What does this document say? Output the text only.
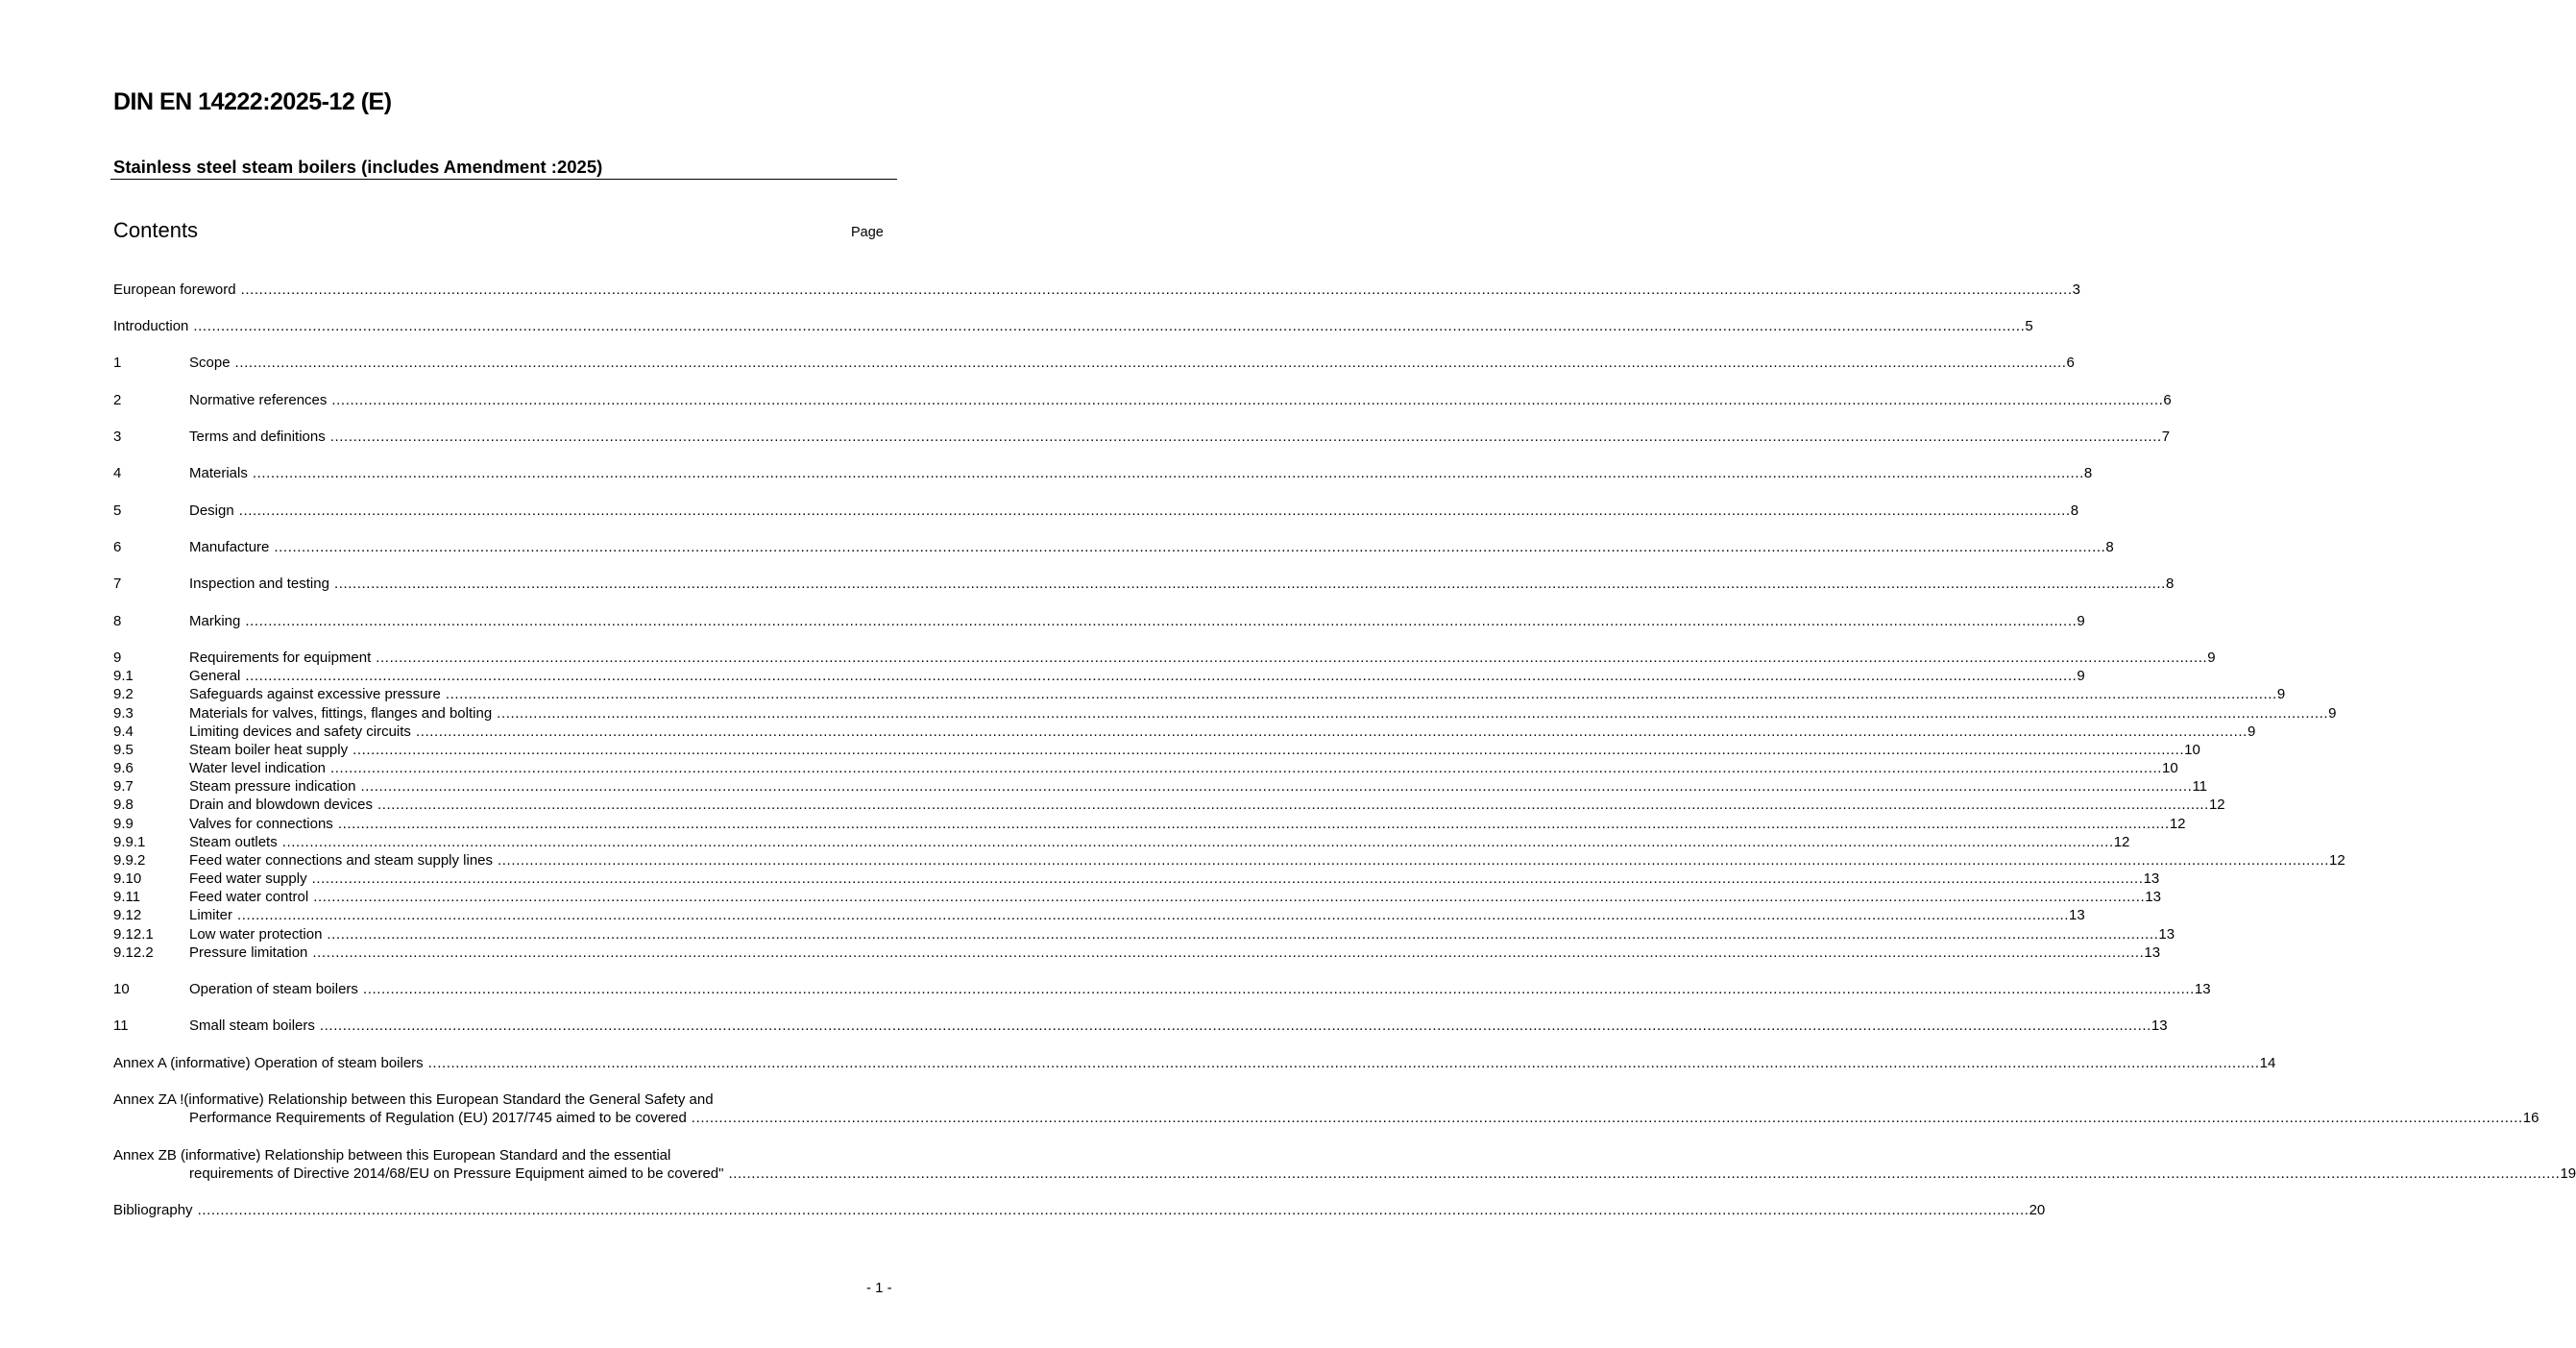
DIN EN 14222:2025-12 (E)
Stainless steel steam boilers (includes Amendment :2025)
Contents	Page
European foreword ................................................................................................................................................................................................................................................................................................................................................................................................................ 3
Introduction ................................................................................................................................................................................................................................................................................................................................................................................................................ 5
1	Scope ................................................................................................................................................................................................................................................................................................................................................................................................................ 6
2	Normative references ................................................................................................................................................................................................................................................................................................................................................................................................................ 6
3	Terms and definitions ................................................................................................................................................................................................................................................................................................................................................................................................................ 7
4	Materials ................................................................................................................................................................................................................................................................................................................................................................................................................ 8
5	Design ................................................................................................................................................................................................................................................................................................................................................................................................................ 8
6	Manufacture ................................................................................................................................................................................................................................................................................................................................................................................................................ 8
7	Inspection and testing ................................................................................................................................................................................................................................................................................................................................................................................................................ 8
8	Marking ................................................................................................................................................................................................................................................................................................................................................................................................................ 9
9	Requirements for equipment ................................................................................................................................................................................................................................................................................................................................................................................................................ 9
9.1	General ................................................................................................................................................................................................................................................................................................................................................................................................................ 9
9.2	Safeguards against excessive pressure ................................................................................................................................................................................................................................................................................................................................................................................................................ 9
9.3	Materials for valves, fittings, flanges and bolting ................................................................................................................................................................................................................................................................................................................................................................................................................ 9
9.4	Limiting devices and safety circuits ................................................................................................................................................................................................................................................................................................................................................................................................................ 9
9.5	Steam boiler heat supply ................................................................................................................................................................................................................................................................................................................................................................................................................ 10
9.6	Water level indication ................................................................................................................................................................................................................................................................................................................................................................................................................ 10
9.7	Steam pressure indication ................................................................................................................................................................................................................................................................................................................................................................................................................ 11
9.8	Drain and blowdown devices ................................................................................................................................................................................................................................................................................................................................................................................................................ 12
9.9	Valves for connections ................................................................................................................................................................................................................................................................................................................................................................................................................ 12
9.9.1	Steam outlets ................................................................................................................................................................................................................................................................................................................................................................................................................ 12
9.9.2	Feed water connections and steam supply lines ................................................................................................................................................................................................................................................................................................................................................................................................................ 12
9.10	Feed water supply ................................................................................................................................................................................................................................................................................................................................................................................................................ 13
9.11	Feed water control ................................................................................................................................................................................................................................................................................................................................................................................................................ 13
9.12	Limiter ................................................................................................................................................................................................................................................................................................................................................................................................................ 13
9.12.1 Low water protection ................................................................................................................................................................................................................................................................................................................................................................................................................ 13
9.12.2 Pressure limitation ................................................................................................................................................................................................................................................................................................................................................................................................................ 13
10	Operation of steam boilers ................................................................................................................................................................................................................................................................................................................................................................................................................ 13
11	Small steam boilers ................................................................................................................................................................................................................................................................................................................................................................................................................ 13
Annex A (informative) Operation of steam boilers ................................................................................................................................................................................................................................................................................................................................................................................................................ 14
Annex ZA !(informative) Relationship between this European Standard the General Safety and
Performance Requirements of Regulation (EU) 2017/745 aimed to be covered ................................................................................................................................................................................................................................................................................................................................................................................................................ 16
Annex ZB (informative) Relationship between this European Standard and the essential
requirements of Directive 2014/68/EU on Pressure Equipment aimed to be covered" ................................................................................................................................................................................................................................................................................................................................................................................................................ 19
Bibliography ................................................................................................................................................................................................................................................................................................................................................................................................................ 20
- 1 -
